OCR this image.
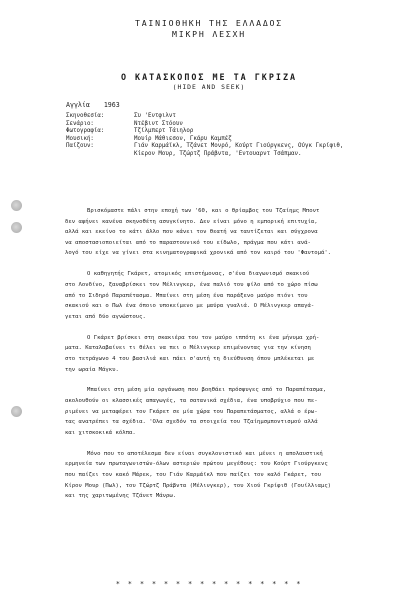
ΤΑΙΝΙΟΘΗΚΗ ΤΗΣ ΕΛΛΑΔΟΣ
ΜΙΚΡΗ ΛΕΣΧΗ
Ο ΚΑΤΑΣΚΟΠΟΣ ΜΕ ΤΑ ΓΚΡΙΖΑ
(HIDE AND SEEK)
Αγγλία 1963
Σκηνοθεσία:	Συ 'Εντφιλντ
Σενάριο:	Ντέβιντ Στόουν
Φωτογραφία:	Τζίλμπερτ Τάιηλορ
Μουσική:	Μουίρ Μάθιεσον, Γκάρυ Καμπέζ
Παίζουν:	Γιάν Καρμάϊκλ, Τζάνετ Μονρό, Κούρτ Γιούργκενς, Ούγκ Γκρίφιθ,
Κίερον Μουρ, Τζώρτζ Πράβντα, 'Εντουαρντ Τσάπμαν.

Βρισκόμαστε πάλι στην εποχή των '60, και ο θρίαμβος του Τζαίημς Μποντ
δεν αφήνει κανένα σκηνοθέτη ασυγκίνητο. Δεν είναι μόνο η εμπορική επιτυχία,
αλλά και εκείνο το κάτι άλλο που κάνει τον θεατή να ταυτίζεται και σύγχρονα
να αποστασιοποιείται από το παραστουνικό του είδωλο, πράγμα που κάτι ανά-
λογό του είχε να γίνει στα κινηματογραφικά χρονικά από τον καιρό του 'Φαντομά'.

Ο καθηγητής Γκάρετ, ατομικός επιστήμονας, σ'ένα διαγωνισμό σκακιού
στο Λονδίνο, ξαναβρίσκει τον Μέλινγκερ, ένα παλιό του φίλο από το χώρο πίσω
από το Σιδηρό Παραπέτασμα. Μπαίνει στη μέση ένα παράξενο μαύρο πιόνι του
σκακιού και ο Πωλ ένα όποιο υποκείμενο με μαύρα γυαλιά. Ο Μέλινγκερ απαγά-
γεται από δύο αγνώστους.

Ο Γκάρετ βρίσκει στη σκακιέρα του τον μαύρο ιππότη κι ένα μήνυμα χρή-
ματα. Καταλαβαίνει τι θέλει να πει ο Μέλινγκερ επιμένοντας για την κίνηση
στο τετράγωνο 4 του βασιλιά και πάει σ'αυτή τη διεύθυνση όπου μπλέκεται με
την ωραία Μάγκυ.

Μπαίνει στη μέση μία οργάνωση που βοηθάει πρόσφυγες από το Παραπέτασμα,
ακολουθούν οι κλασσικές απαγωγές, τα σατανικά σχέδια, ένα υποβρύχιο που πε-
ριμένει να μεταφέρει τον Γκάρετ σε μία χώρα του Παραπετάσματος, αλλά ο έρω-
τας ανατρέπει τα σχέδια. 'Ολα σχεδόν τα στοιχεία του Τζαίημσμποντισμού αλλά
και χιτσκοκικά κόλπα.

Μόνο που το αποτέλεσμα δεν είναι συγκλονιστικό και μένει η απολαυστική
ερμηνεία των πρωταγωνιστών-όλων αστεριών πρώτου μεγέθους: του Κούρτ Γιούργκενς
που παίζει τον κακό Μάρεκ, του Γιάν Καρμάϊκλ που παίζει τον καλό Γκάρετ, του
Κίρον Μουρ (Πωλ), του Τζώρτζ Πράβντα (Μέλινγκερ), του Χιού Γκρίφιθ (Γουίλλιαμς)
και της χαριτωμένης Τζάνετ Μάνρω.

* * * * * * * * * * * * * * * *
